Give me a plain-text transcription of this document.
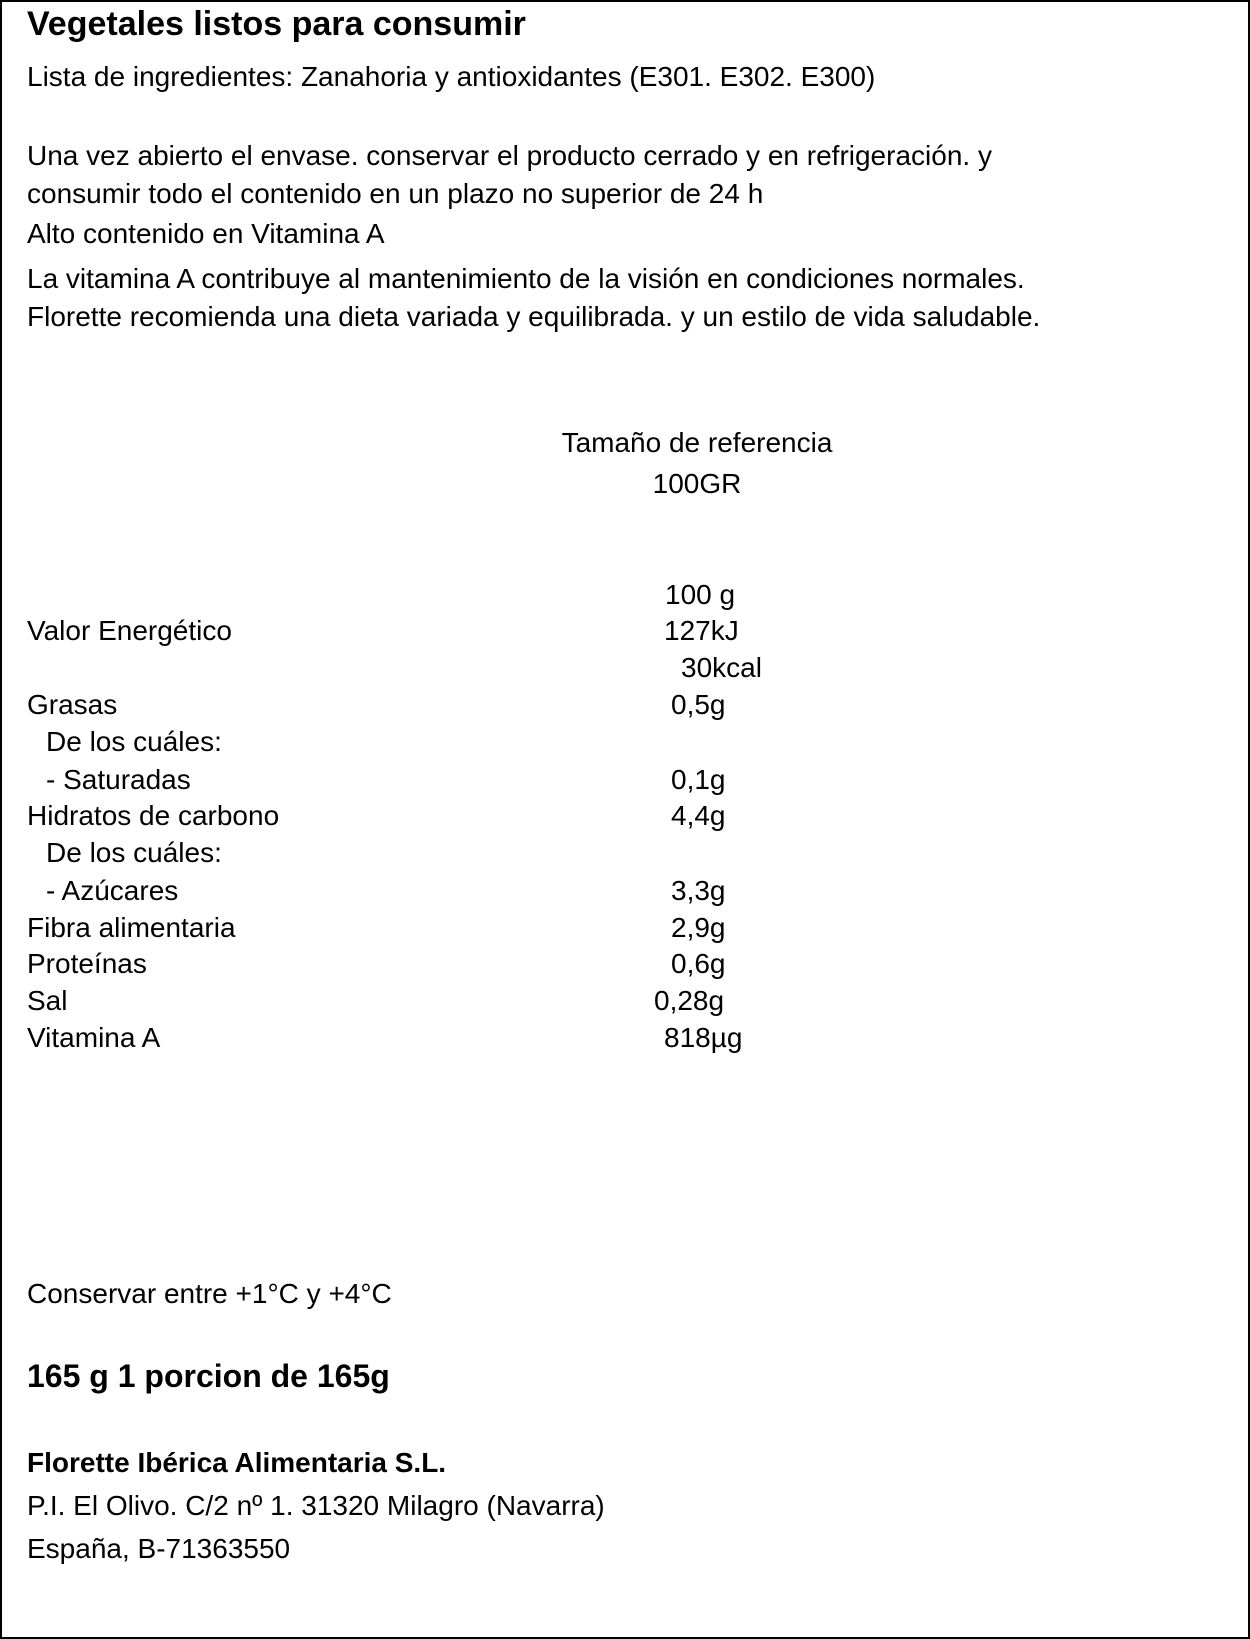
Vegetales listos para consumir

Lista de ingredientes: Zanahoria y antioxidantes (E301. E302. E300)

Una vez abierto el envase. conservar el producto cerrado y en refrigeración. y

consumir todo el contenido en un plazo no superior de 24 h

Alto contenido en Vitamina A

La vitamina A contribuye al mantenimiento de la visión en condiciones normales.

Florette recomienda una dieta variada y equilibrada. y un estilo de vida saludable.

Tamaño de referencia

100GR

100 g
Valor Energético	127kJ
30kcal
Grasas	0,5g
De los cuáles:
- Saturadas	0,1g
Hidratos de carbono	4,4g
De los cuáles:
- Azúcares	3,3g
Fibra alimentaria	2,9g
Proteínas	0,6g
Sal	0,28g
Vitamina A	818µg

Conservar entre +1°C y +4°C

165 g 1 porcion de 165g

Florette Ibérica Alimentaria S.L.

P.I. El Olivo. C/2 nº 1. 31320 Milagro (Navarra)

España, B-71363550
